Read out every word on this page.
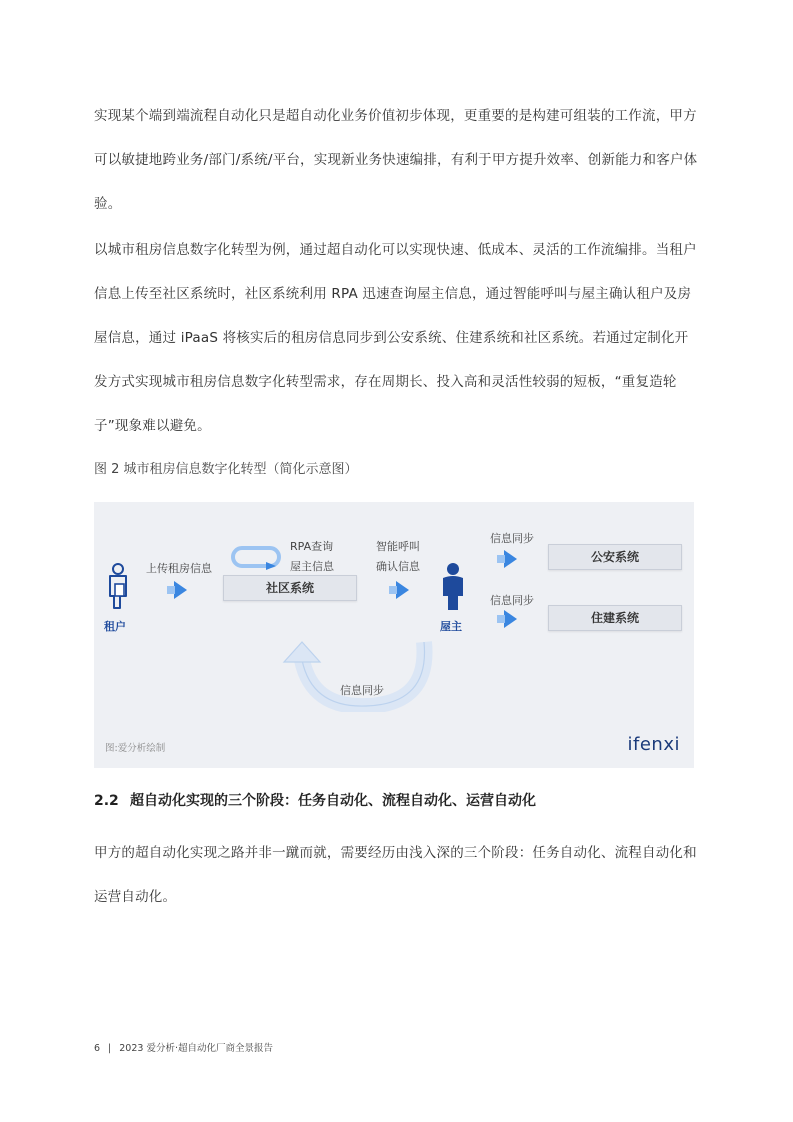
实现某个端到端流程自动化只是超自动化业务价值初步体现，更重要的是构建可组装的工作流，甲方可以敏捷地跨业务/部门/系统/平台，实现新业务快速编排，有利于甲方提升效率、创新能力和客户体验。

以城市租房信息数字化转型为例，通过超自动化可以实现快速、低成本、灵活的工作流编排。当租户信息上传至社区系统时，社区系统利用 RPA 迅速查询屋主信息，通过智能呼叫与屋主确认租户及房屋信息，通过 iPaaS 将核实后的租房信息同步到公安系统、住建系统和社区系统。若通过定制化开发方式实现城市租房信息数字化转型需求，存在周期长、投入高和灵活性较弱的短板，“重复造轮子”现象难以避免。

图 2 城市租房信息数字化转型（简化示意图）

租户
上传租房信息
RPA查询
屋主信息
社区系统
智能呼叫
确认信息
屋主
信息同步
公安系统
信息同步
住建系统
信息同步
图:爱分析绘制	ifenxi
2.2 超自动化实现的三个阶段：任务自动化、流程自动化、运营自动化

甲方的超自动化实现之路并非一蹴而就，需要经历由浅入深的三个阶段：任务自动化、流程自动化和运营自动化。

6 | 2023 爱分析·超自动化厂商全景报告
